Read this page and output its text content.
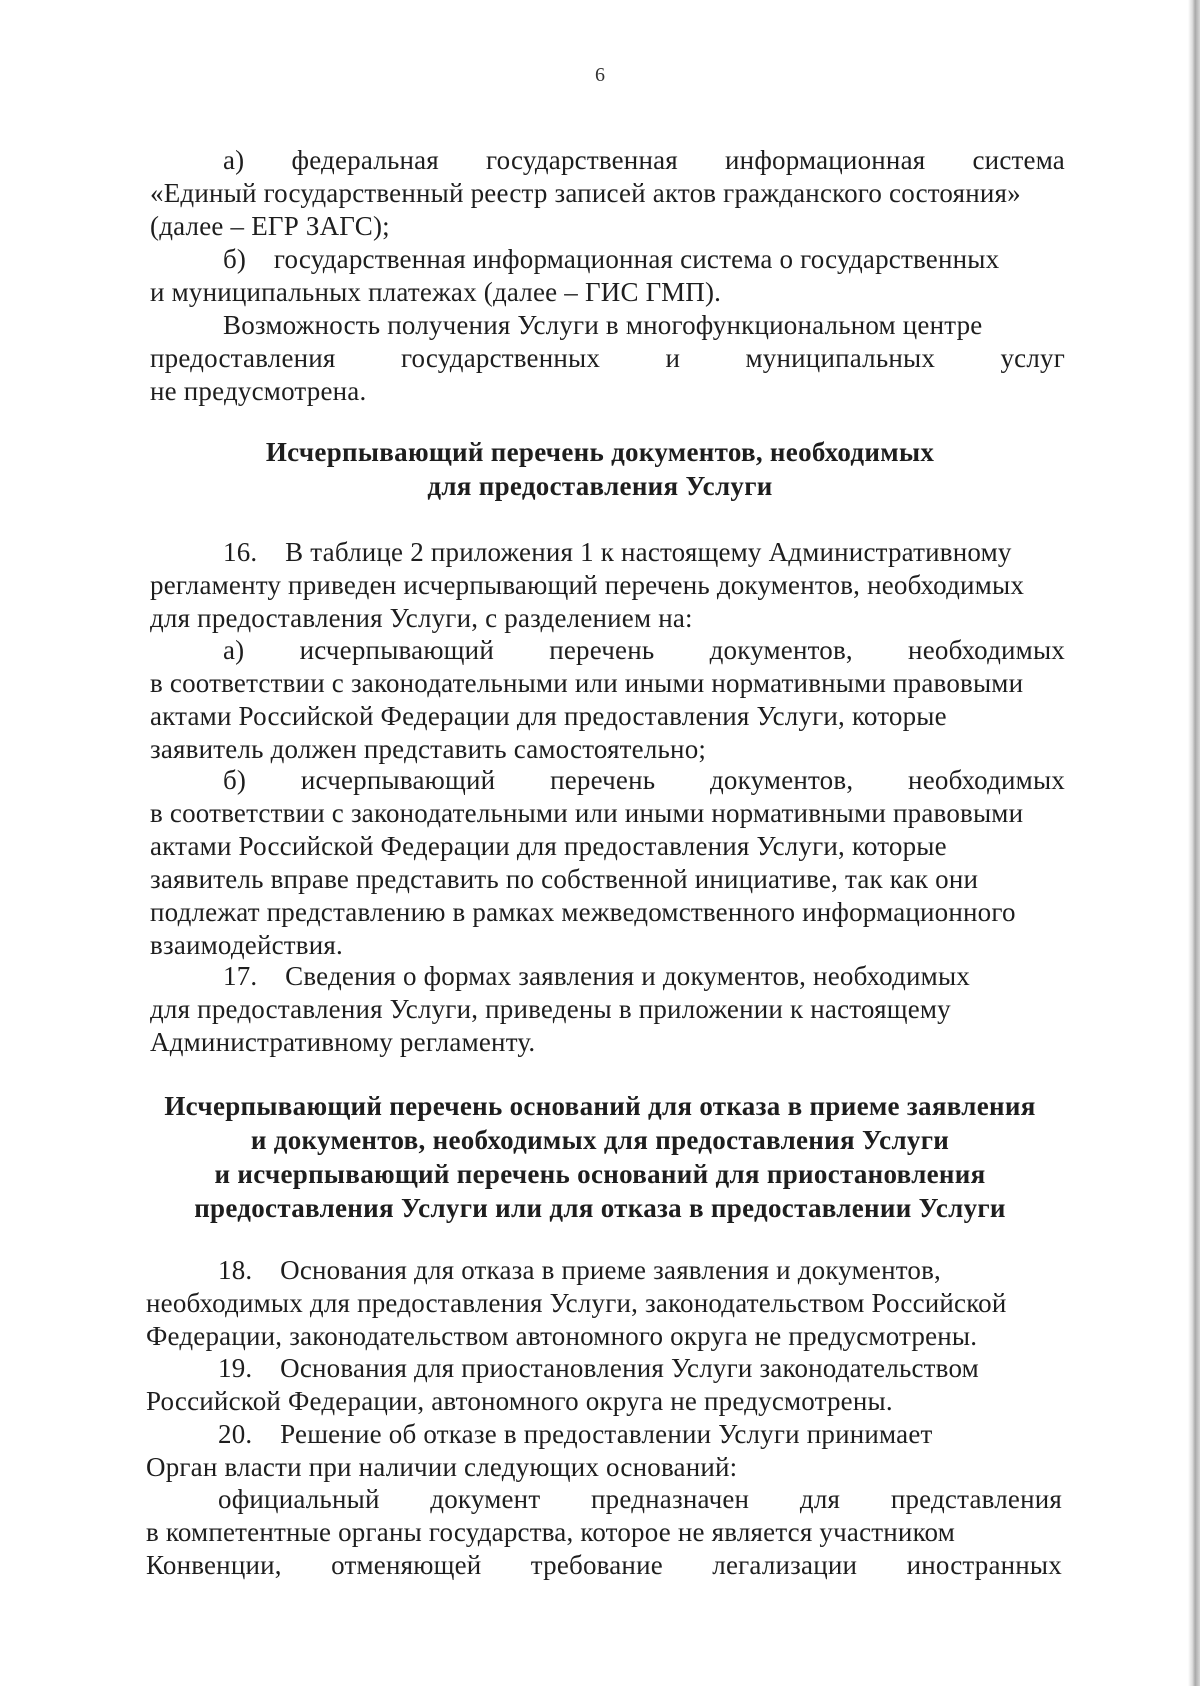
6
а) федеральная государственная информационная система
«Единый государственный реестр записей актов гражданского состояния»
(далее – ЕГР ЗАГС);
б)    государственная информационная система о государственных
и муниципальных платежах (далее – ГИС ГМП).
Возможность получения Услуги в многофункциональном центре
предоставления государственных и муниципальных услуг
не предусмотрена.
Исчерпывающий перечень документов, необходимых
для предоставления Услуги
16.    В таблице 2 приложения 1 к настоящему Административному
регламенту приведен исчерпывающий перечень документов, необходимых
для предоставления Услуги, с разделением на:
а) исчерпывающий перечень документов, необходимых
в соответствии с законодательными или иными нормативными правовыми
актами Российской Федерации для предоставления Услуги, которые
заявитель должен представить самостоятельно;
б) исчерпывающий перечень документов, необходимых
в соответствии с законодательными или иными нормативными правовыми
актами Российской Федерации для предоставления Услуги, которые
заявитель вправе представить по собственной инициативе, так как они
подлежат представлению в рамках межведомственного информационного
взаимодействия.
17.    Сведения о формах заявления и документов, необходимых
для предоставления Услуги, приведены в приложении к настоящему
Административному регламенту.
Исчерпывающий перечень оснований для отказа в приеме заявления
и документов, необходимых для предоставления Услуги
и исчерпывающий перечень оснований для приостановления
предоставления Услуги или для отказа в предоставлении Услуги
18.    Основания для отказа в приеме заявления и документов,
необходимых для предоставления Услуги, законодательством Российской
Федерации, законодательством автономного округа не предусмотрены.
19.    Основания для приостановления Услуги законодательством
Российской Федерации, автономного округа не предусмотрены.
20.    Решение об отказе в предоставлении Услуги принимает
Орган власти при наличии следующих оснований:
официальный документ предназначен для представления
в компетентные органы государства, которое не является участником
Конвенции, отменяющей требование легализации иностранных
